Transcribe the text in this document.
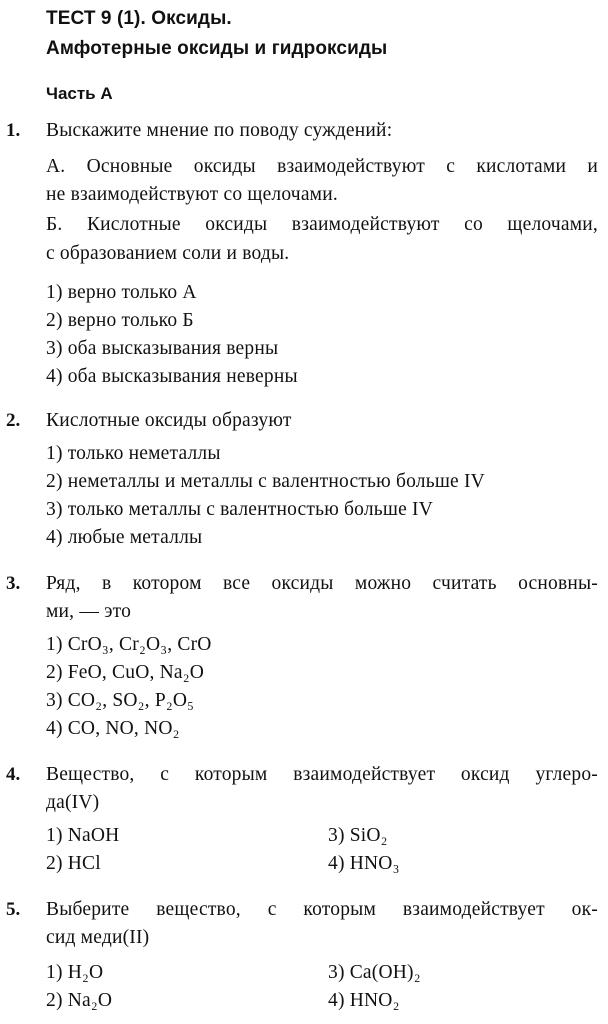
ТЕСТ 9 (1). Оксиды.
Амфотерные оксиды и гидроксиды
Часть А
1. Выскажите мнение по поводу суждений:
А. Основные оксиды взаимодействуют с кислотами и
не взаимодействуют со щелочами.
Б. Кислотные оксиды взаимодействуют со щелочами,
с образованием соли и воды.
1) верно только А
2) верно только Б
3) оба высказывания верны
4) оба высказывания неверны
2. Кислотные оксиды образуют
1) только неметаллы
2) неметаллы и металлы с валентностью больше IV
3) только металлы с валентностью больше IV
4) любые металлы
3. Ряд, в котором все оксиды можно считать основны-
ми, — это
1) CrO₃, Cr₂O₃, CrO
2) FeO, CuO, Na₂O
3) CO₂, SO₂, P₂O₅
4) CO, NO, NO₂
4. Вещество, с которым взаимодействует оксид углеро-
да(IV)
1) NaOH	3) SiO₂
2) HCl	4) HNO₃
5. Выберите вещество, с которым взаимодействует ок-
сид меди(II)
1) H₂O	3) Ca(OH)₂
2) Na₂O	4) HNO₂
